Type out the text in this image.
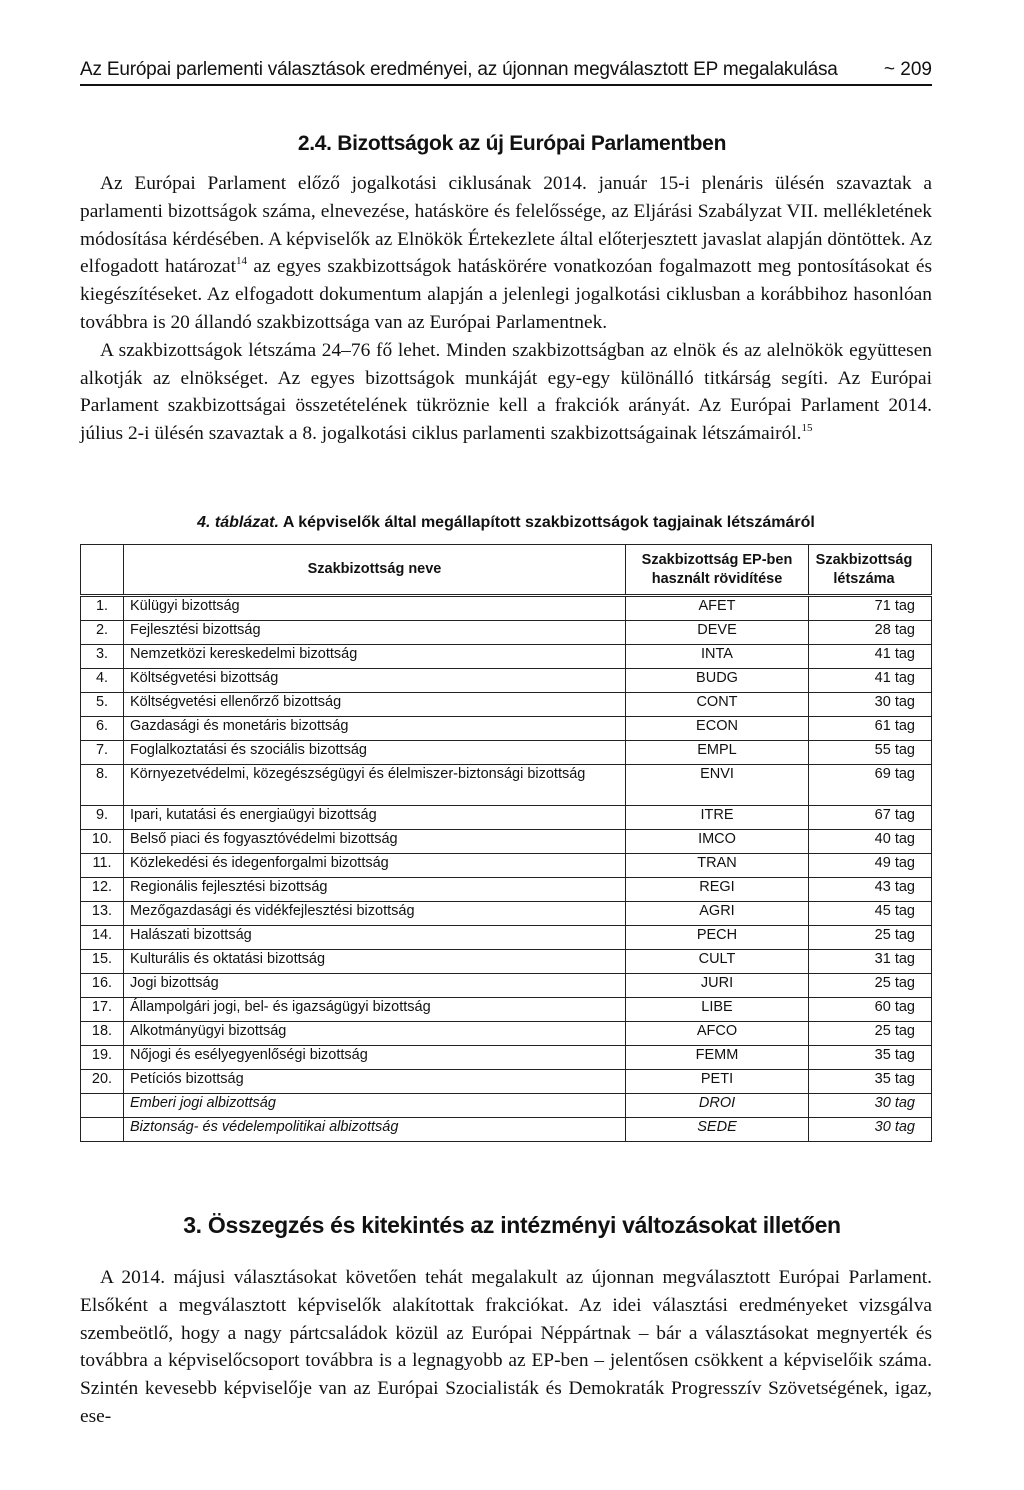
Az Európai parlementi választások eredményei, az újonnan megválasztott EP megalakulása ~ 209
2.4. Bizottságok az új Európai Parlamentben

Az Európai Parlament előző jogalkotási ciklusának 2014. január 15-i plenáris ülésén szavaztak a parlamenti bizottságok száma, elnevezése, hatásköre és felelőssége, az Eljárási Szabályzat VII. mellékletének módosítása kérdésében. A képviselők az Elnökök Értekezlete által előterjesztett javaslat alapján döntöttek. Az elfogadott határozat$^{14}$ az egyes szakbizottságok hatáskörére vonatkozóan fogalmazott meg pontosításokat és kiegészítéseket. Az elfogadott dokumentum alapján a jelenlegi jogalkotási ciklusban a korábbihoz hasonlóan továbbra is 20 állandó szakbizottsága van az Európai Parlamentnek.

A szakbizottságok létszáma 24–76 fő lehet. Minden szakbizottságban az elnök és az alelnökök együttesen alkotják az elnökséget. Az egyes bizottságok munkáját egy-egy különálló titkárság segíti. Az Európai Parlament szakbizottságai összetételének tükröznie kell a frakciók arányát. Az Európai Parlament 2014. július 2-i ülésén szavaztak a 8. jogalkotási ciklus parlamenti szakbizottságainak létszámairól.$^{15}$

4. táblázat. A képviselők által megállapított szakbizottságok tagjainak létszámáról
	Szakbizottság neve	Szakbizottság EP-ben használt rövidítése	Szakbizottság létszáma
1.	Külügyi bizottság	AFET	71 tag
2.	Fejlesztési bizottság	DEVE	28 tag
3.	Nemzetközi kereskedelmi bizottság	INTA	41 tag
4.	Költségvetési bizottság	BUDG	41 tag
5.	Költségvetési ellenőrző bizottság	CONT	30 tag
6.	Gazdasági és monetáris bizottság	ECON	61 tag
7.	Foglalkoztatási és szociális bizottság	EMPL	55 tag
8.	Környezetvédelmi, közegészségügyi és élelmiszer-biztonsági bizottság	ENVI	69 tag
9.	Ipari, kutatási és energiaügyi bizottság	ITRE	67 tag
10.	Belső piaci és fogyasztóvédelmi bizottság	IMCO	40 tag
11.	Közlekedési és idegenforgalmi bizottság	TRAN	49 tag
12.	Regionális fejlesztési bizottság	REGI	43 tag
13.	Mezőgazdasági és vidékfejlesztési bizottság	AGRI	45 tag
14.	Halászati bizottság	PECH	25 tag
15.	Kulturális és oktatási bizottság	CULT	31 tag
16.	Jogi bizottság	JURI	25 tag
17.	Állampolgári jogi, bel- és igazságügyi bizottság	LIBE	60 tag
18.	Alkotmányügyi bizottság	AFCO	25 tag
19.	Nőjogi és esélyegyenlőségi bizottság	FEMM	35 tag
20.	Petíciós bizottság	PETI	35 tag
	Emberi jogi albizottság	DROI	30 tag
	Biztonság- és védelempolitikai albizottság	SEDE	30 tag
3. Összegzés és kitekintés az intézményi változásokat illetően

A 2014. májusi választásokat követően tehát megalakult az újonnan megválasztott Európai Parlament. Elsőként a megválasztott képviselők alakítottak frakciókat. Az idei választási eredményeket vizsgálva szembeötlő, hogy a nagy pártcsaládok közül az Európai Néppártnak – bár a választásokat megnyerték és továbbra a képviselőcsoport továbbra is a legnagyobb az EP-ben – jelentősen csökkent a képviselőik száma. Szintén kevesebb képviselője van az Európai Szocialisták és Demokraták Progresszív Szövetségének, igaz, ese-
